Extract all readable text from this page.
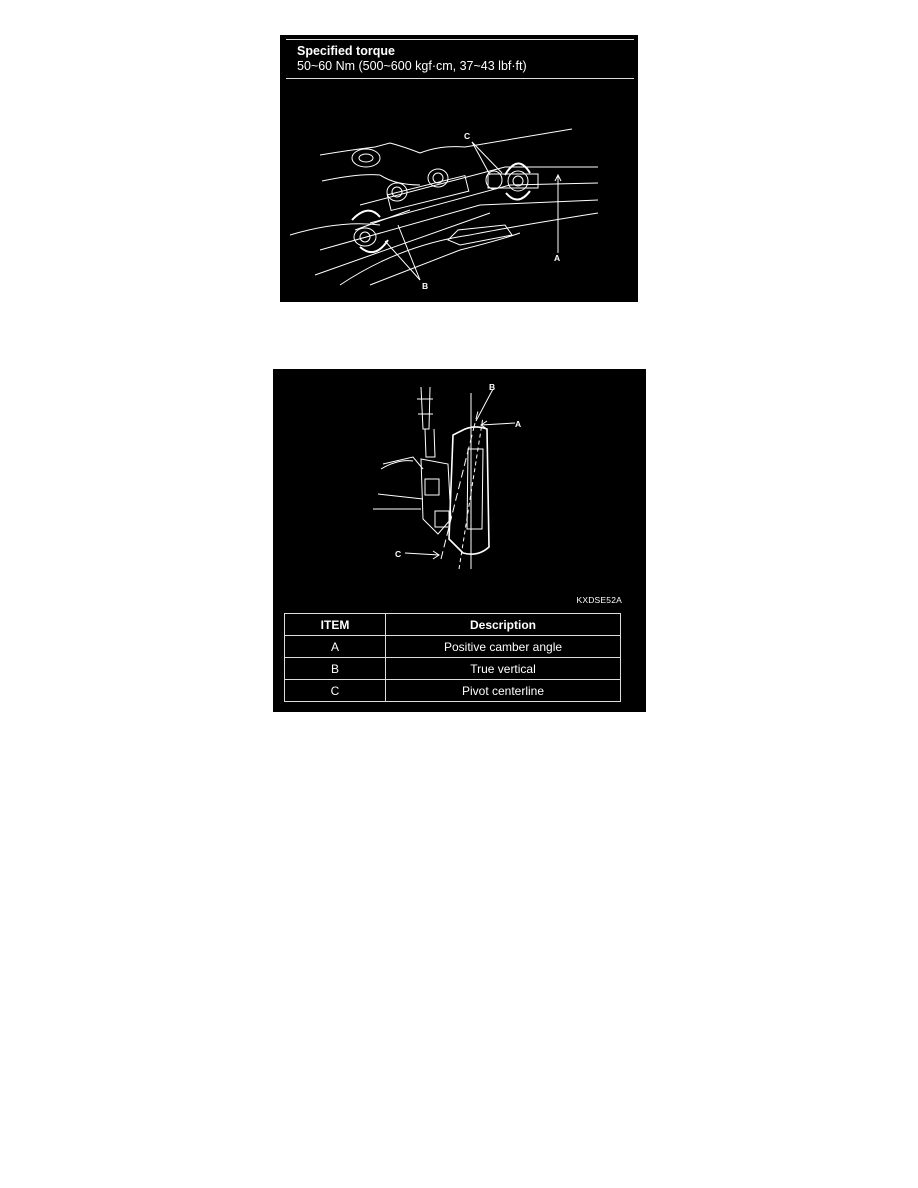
Specified torque
50~60 Nm (500~600 kgf·cm, 37~43 lbf·ft)
C
A
B
B
A
C
KXDSE52A
ITEM	Description
A	Positive camber angle
B	True vertical
C	Pivot centerline
